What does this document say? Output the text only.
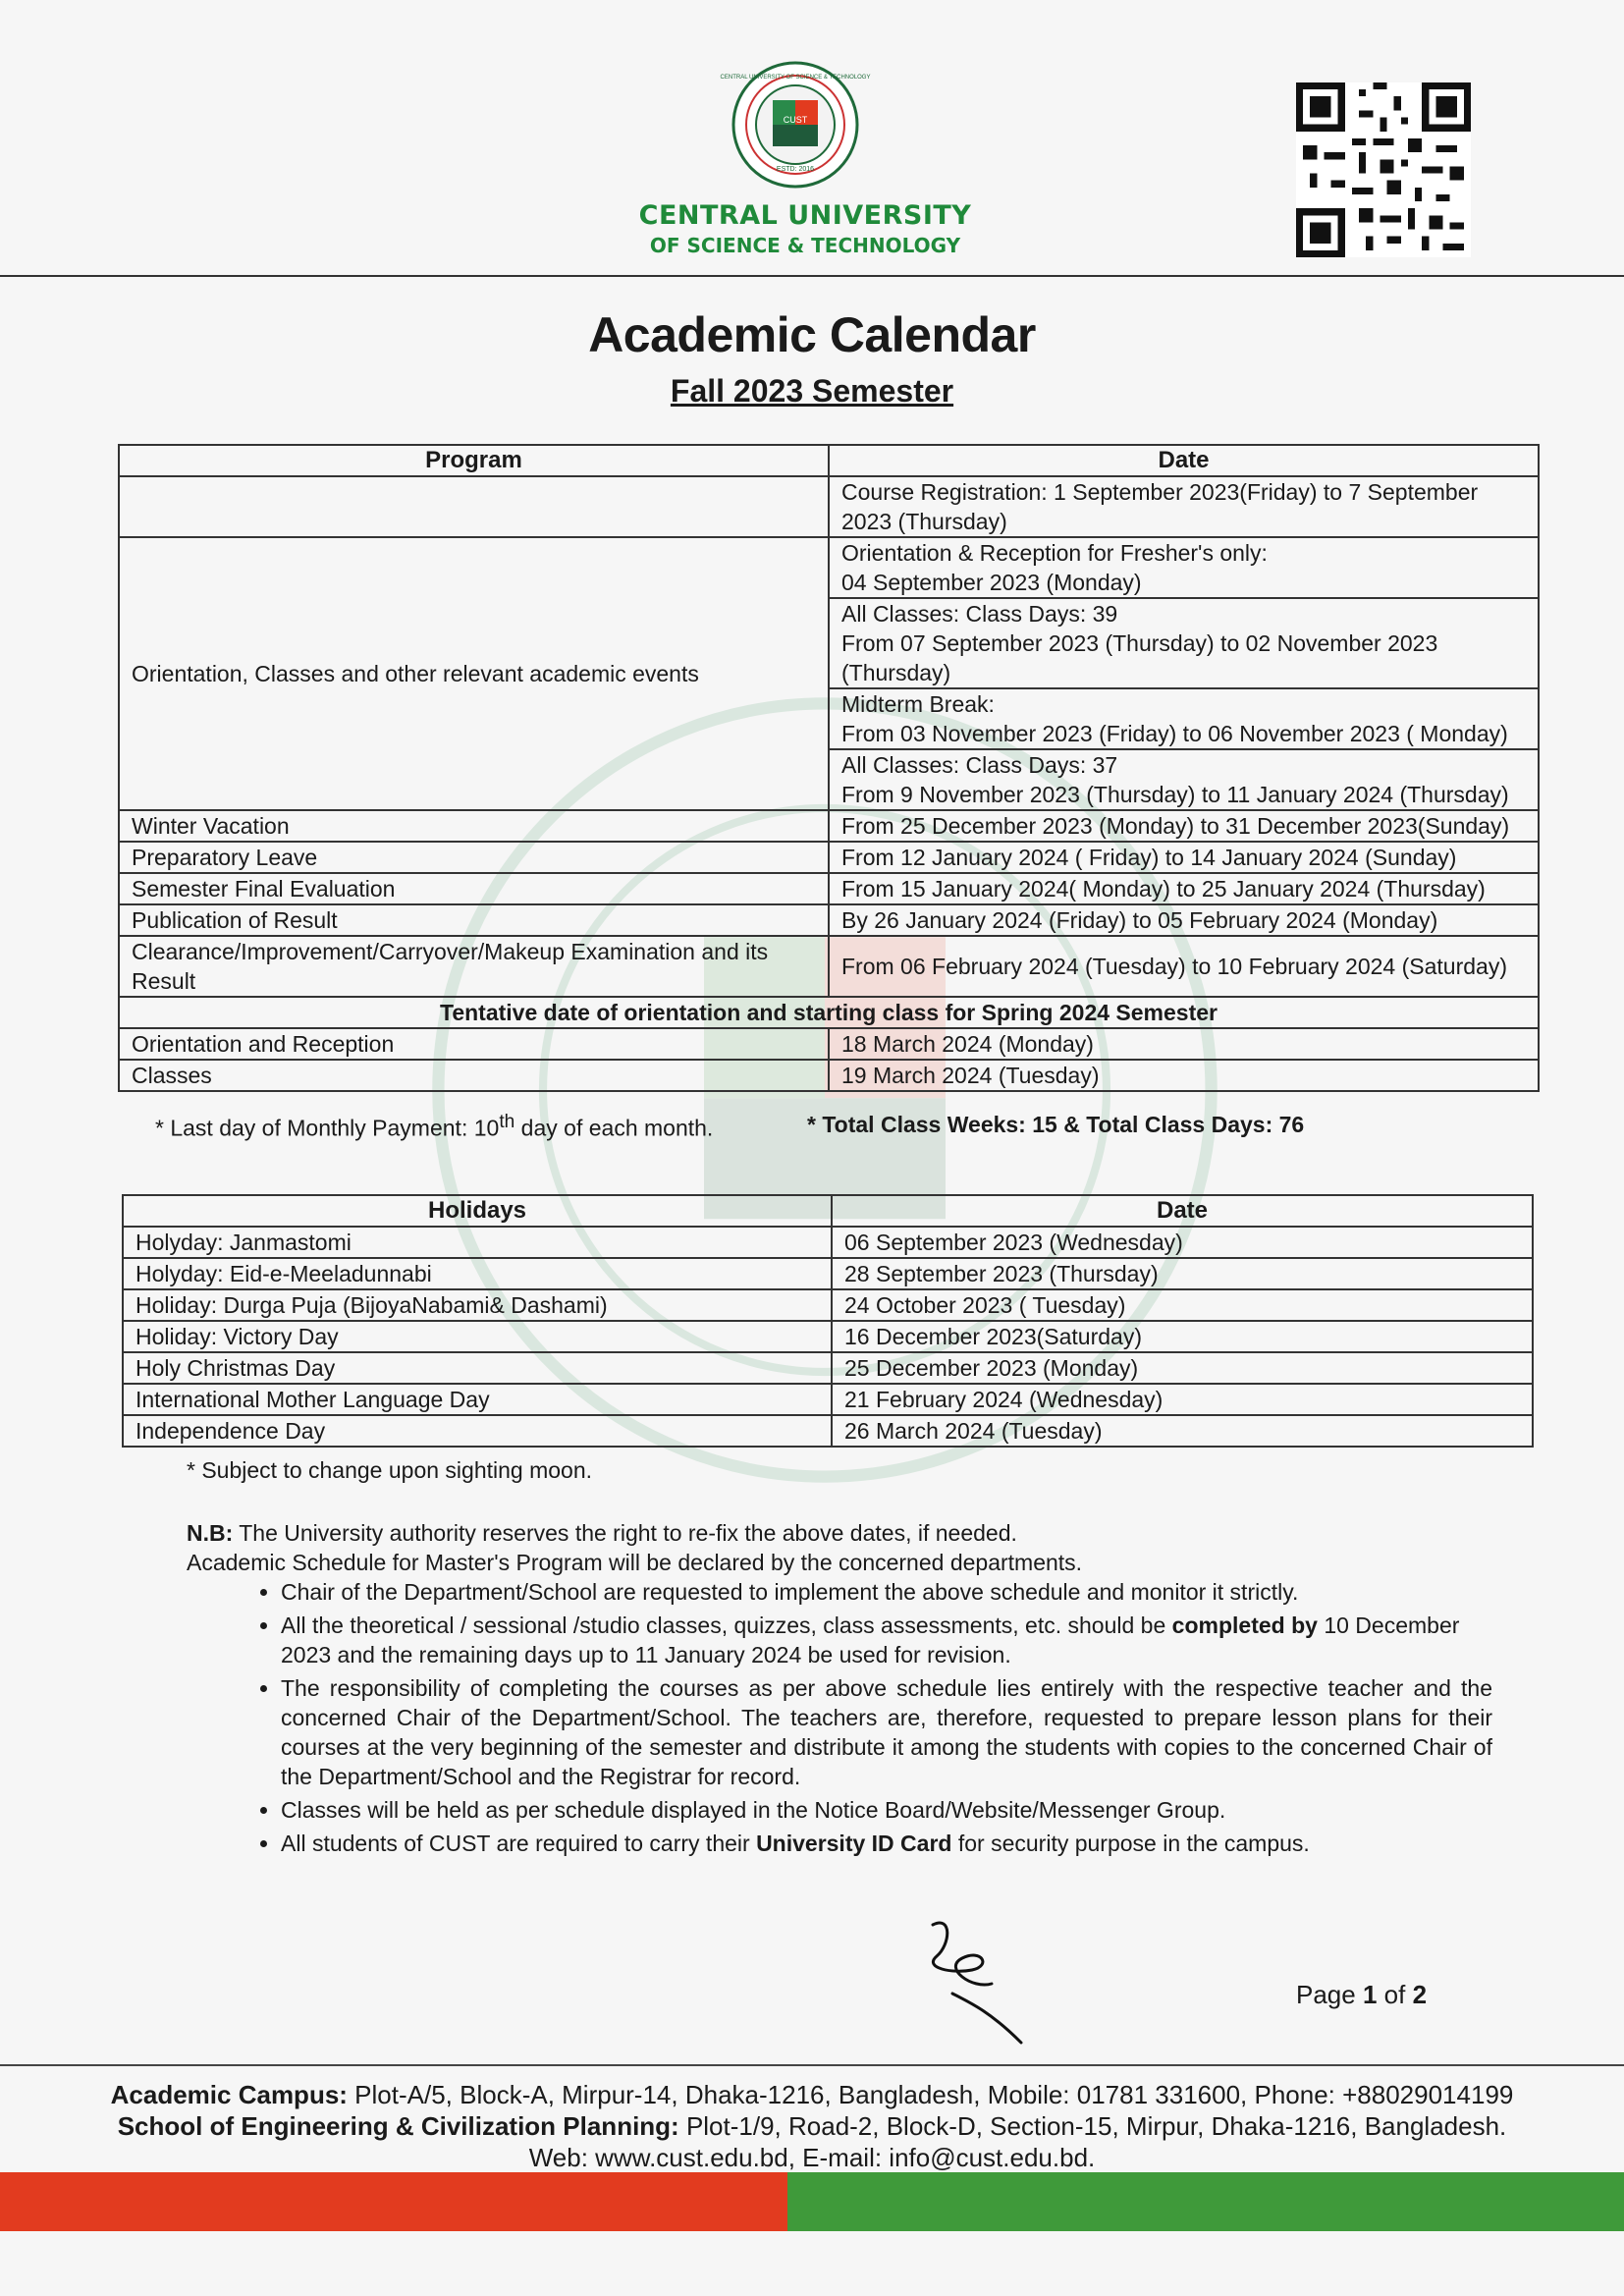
CUST
ESTD: 2016
CENTRAL UNIVERSITY OF SCIENCE & TECHNOLOGY
CENTRAL UNIVERSITY
OF SCIENCE & TECHNOLOGY
Academic Calendar
Fall 2023 Semester
Program	Date
	Course Registration: 1 September 2023(Friday) to 7 September 2023 (Thursday)
Orientation, Classes and other relevant academic events	Orientation & Reception for Fresher's only:
04 September 2023 (Monday)
	All Classes: Class Days: 39
From 07 September 2023 (Thursday) to 02 November 2023 (Thursday)
	Midterm Break:
From 03 November 2023 (Friday) to 06 November 2023 ( Monday)
	All Classes: Class Days: 37
From 9 November 2023 (Thursday) to 11 January 2024 (Thursday)
Winter Vacation	From 25 December 2023 (Monday) to 31 December 2023(Sunday)
Preparatory Leave	From 12 January 2024 ( Friday) to 14 January 2024 (Sunday)
Semester Final Evaluation	From 15 January 2024( Monday) to 25 January 2024 (Thursday)
Publication of Result	By 26 January 2024 (Friday) to 05 February 2024 (Monday)
Clearance/Improvement/Carryover/Makeup Examination and its Result	From 06 February 2024 (Tuesday) to 10 February 2024 (Saturday)
Tentative date of orientation and starting class for Spring 2024 Semester	
Orientation and Reception	18 March 2024 (Monday)
Classes	19 March 2024 (Tuesday)
* Last day of Monthly Payment: 10th day of each month.	* Total Class Weeks: 15 & Total Class Days: 76
Holidays	Date
Holyday: Janmastomi	06 September 2023 (Wednesday)
Holyday: Eid-e-Meeladunnabi	28 September 2023 (Thursday)
Holiday: Durga Puja (BijoyaNabami& Dashami)	24 October 2023 ( Tuesday)
Holiday: Victory Day	16 December 2023(Saturday)
Holy Christmas Day	25 December 2023 (Monday)
International Mother Language Day	21 February 2024 (Wednesday)
Independence Day	26 March 2024 (Tuesday)
* Subject to change upon sighting moon.
N.B: The University authority reserves the right to re-fix the above dates, if needed.
Academic Schedule for Master's Program will be declared by the concerned departments.
• Chair of the Department/School are requested to implement the above schedule and monitor it strictly.
• All the theoretical / sessional /studio classes, quizzes, class assessments, etc. should be completed by 10 December 2023 and the remaining days up to 11 January 2024 be used for revision.
• The responsibility of completing the courses as per above schedule lies entirely with the respective teacher and the concerned Chair of the Department/School. The teachers are, therefore, requested to prepare lesson plans for their courses at the very beginning of the semester and distribute it among the students with copies to the concerned Chair of the Department/School and the Registrar for record.
• Classes will be held as per schedule displayed in the Notice Board/Website/Messenger Group.
• All students of CUST are required to carry their University ID Card for security purpose in the campus.
Page 1 of 2
Academic Campus: Plot-A/5, Block-A, Mirpur-14, Dhaka-1216, Bangladesh, Mobile: 01781 331600, Phone: +88029014199
School of Engineering & Civilization Planning: Plot-1/9, Road-2, Block-D, Section-15, Mirpur, Dhaka-1216, Bangladesh.
Web: www.cust.edu.bd, E-mail: info@cust.edu.bd.
